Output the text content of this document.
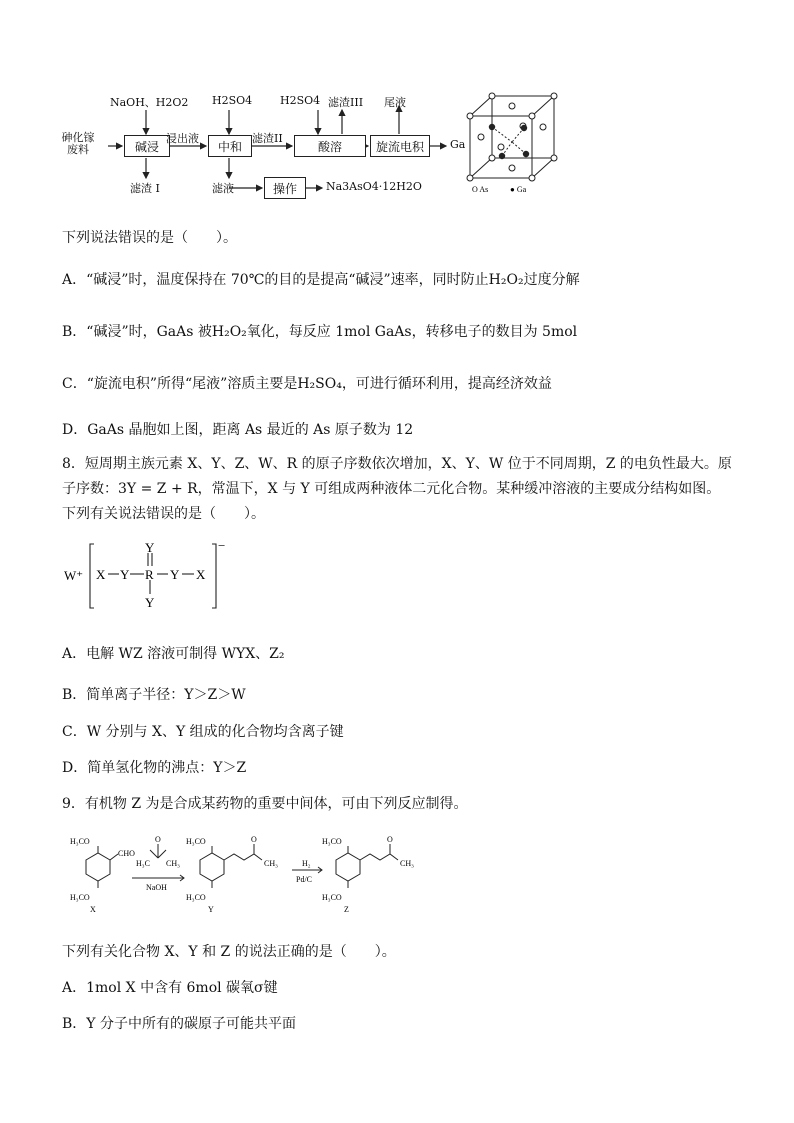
砷化镓
废料
NaOH、H2O2
碱浸
浸出液
滤渣 I
H2SO4
中和
滤渣II
滤液	操作	Na3AsO4·12H2O
H2SO4 滤渣III
酸溶
尾液
旋流电积	Ga
O As	● Ga
下列说法错误的是（　　）。
A．“碱浸”时，温度保持在 70℃的目的是提高“碱浸”速率，同时防止H₂O₂过度分解
B．“碱浸”时，GaAs 被H₂O₂氧化，每反应 1mol GaAs，转移电子的数目为 5mol
C．“旋流电积”所得“尾液”溶质主要是H₂SO₄，可进行循环利用，提高经济效益
D．GaAs 晶胞如上图，距离 As 最近的 As 原子数为 12
8．短周期主族元素 X、Y、Z、W、R 的原子序数依次增加，X、Y、W 位于不同周期，Z 的电负性最大。原
子序数：3Y = Z + R，常温下，X 与 Y 可组成两种液体二元化合物。某种缓冲溶液的主要成分结构如图。
下列有关说法错误的是（　　）。
W⁺ X Y R
Y
Y
Y X
−
A．电解 WZ 溶液可制得 WYX、Z₂
B．简单离子半径：Y＞Z＞W
C．W 分别与 X、Y 组成的化合物均含离子键
D．简单氢化物的沸点：Y＞Z
9．有机物 Z 为是合成某药物的重要中间体，可由下列反应制得。
H₃CO
CHO
H₃CO
X
O
H₃C CH₃
NaOH
H₃CO	O
CH₃
H₃CO
Y
H₂
Pd/C
H₃CO	O
CH₃
H₃CO
Z
下列有关化合物 X、Y 和 Z 的说法正确的是（　　）。
A．1mol X 中含有 6mol 碳氧σ键
B．Y 分子中所有的碳原子可能共平面
